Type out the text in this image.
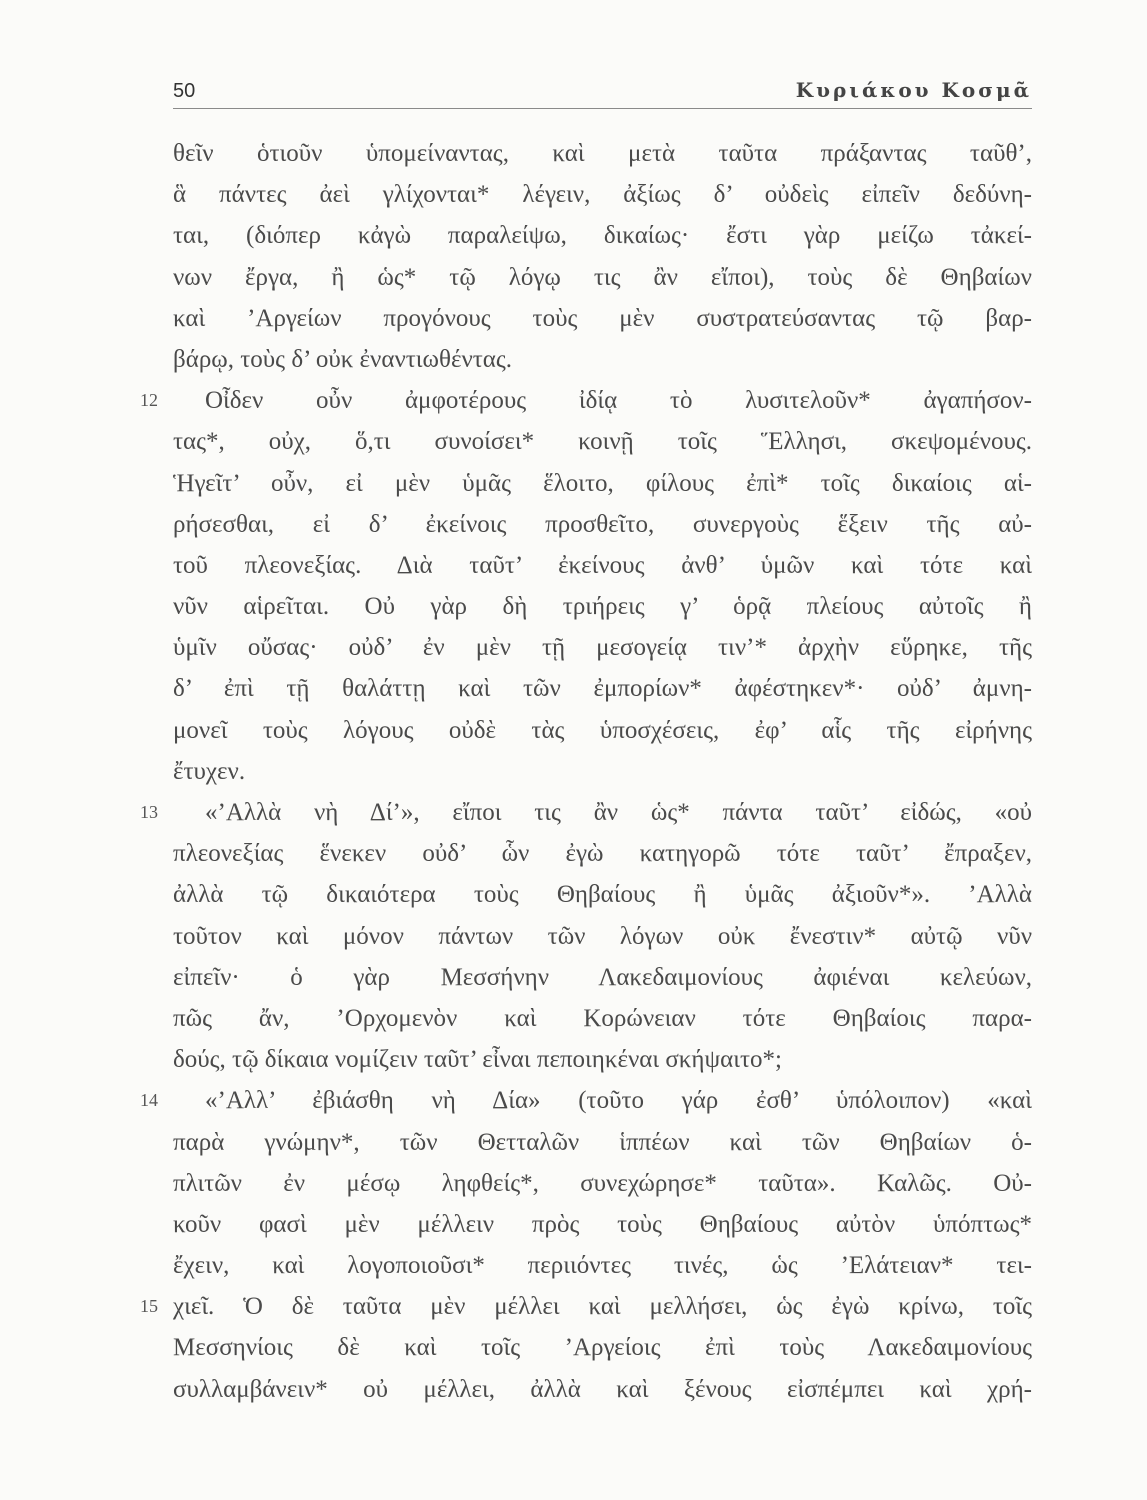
50	Κυριάκου Κοσμᾶ
θεῖν ὁτιοῦν ὑπομείναντας, καὶ μετὰ ταῦτα πράξαντας ταῦθ’,
ἃ πάντες ἀεὶ γλίχονται* λέγειν, ἀξίως δ’ οὐδεὶς εἰπεῖν δεδύνη-
ται, (διόπερ κἀγὼ παραλείψω, δικαίως· ἔστι γὰρ μείζω τἀκεί-
νων ἔργα, ἢ ὡς* τῷ λόγῳ τις ἂν εἴποι), τοὺς δὲ Θηβαίων
καὶ ’Αργείων προγόνους τοὺς μὲν συστρατεύσαντας τῷ βαρ-
βάρῳ, τοὺς δ’ οὐκ ἐναντιωθέντας.
12	Οἶδεν οὖν ἀμφοτέρους ἰδίᾳ τὸ λυσιτελοῦν* ἀγαπήσον-
τας*, οὐχ, ὅ,τι συνοίσει* κοινῇ τοῖς Ἕλλησι, σκεψομένους.
Ἡγεῖτ’ οὖν, εἰ μὲν ὑμᾶς ἕλοιτο, φίλους ἐπὶ* τοῖς δικαίοις αἱ-
ρήσεσθαι, εἰ δ’ ἐκείνοις προσθεῖτο, συνεργοὺς ἕξειν τῆς αὐ-
τοῦ πλεονεξίας. Διὰ ταῦτ’ ἐκείνους ἀνθ’ ὑμῶν καὶ τότε καὶ
νῦν αἱρεῖται. Οὐ γὰρ δὴ τριήρεις γ’ ὁρᾷ πλείους αὐτοῖς ἢ
ὑμῖν οὔσας· οὐδ’ ἐν μὲν τῇ μεσογείᾳ τιν’* ἀρχὴν εὕρηκε, τῆς
δ’ ἐπὶ τῇ θαλάττῃ καὶ τῶν ἐμπορίων* ἀφέστηκεν*· οὐδ’ ἀμνη-
μονεῖ τοὺς λόγους οὐδὲ τὰς ὑποσχέσεις, ἐφ’ αἷς τῆς εἰρήνης
ἔτυχεν.
13	«’Αλλὰ νὴ Δί’», εἴποι τις ἂν ὡς* πάντα ταῦτ’ εἰδώς, «οὐ
πλεονεξίας ἕνεκεν οὐδ’ ὧν ἐγὼ κατηγορῶ τότε ταῦτ’ ἔπραξεν,
ἀλλὰ τῷ δικαιότερα τοὺς Θηβαίους ἢ ὑμᾶς ἀξιοῦν*». ’Αλλὰ
τοῦτον καὶ μόνον πάντων τῶν λόγων οὐκ ἔνεστιν* αὐτῷ νῦν
εἰπεῖν· ὁ γὰρ Μεσσήνην Λακεδαιμονίους ἀφιέναι κελεύων,
πῶς ἄν, ’Ορχομενὸν καὶ Κορώνειαν τότε Θηβαίοις παρα-
δούς, τῷ δίκαια νομίζειν ταῦτ’ εἶναι πεποιηκέναι σκήψαιτο*;
14	«’Αλλ’ ἐβιάσθη νὴ Δία» (τοῦτο γάρ ἐσθ’ ὑπόλοιπον) «καὶ
παρὰ γνώμην*, τῶν Θετταλῶν ἱππέων καὶ τῶν Θηβαίων ὁ-
πλιτῶν ἐν μέσῳ ληφθείς*, συνεχώρησε* ταῦτα». Καλῶς. Οὐ-
κοῦν φασὶ μὲν μέλλειν πρὸς τοὺς Θηβαίους αὐτὸν ὑπόπτως*
ἔχειν, καὶ λογοποιοῦσι* περιιόντες τινές, ὡς ’Ελάτειαν* τει-
15 χιεῖ. Ὁ δὲ ταῦτα μὲν μέλλει καὶ μελλήσει, ὡς ἐγὼ κρίνω, τοῖς
Μεσσηνίοις δὲ καὶ τοῖς ’Αργείοις ἐπὶ τοὺς Λακεδαιμονίους
συλλαμβάνειν* οὐ μέλλει, ἀλλὰ καὶ ξένους εἰσπέμπει καὶ χρή-
